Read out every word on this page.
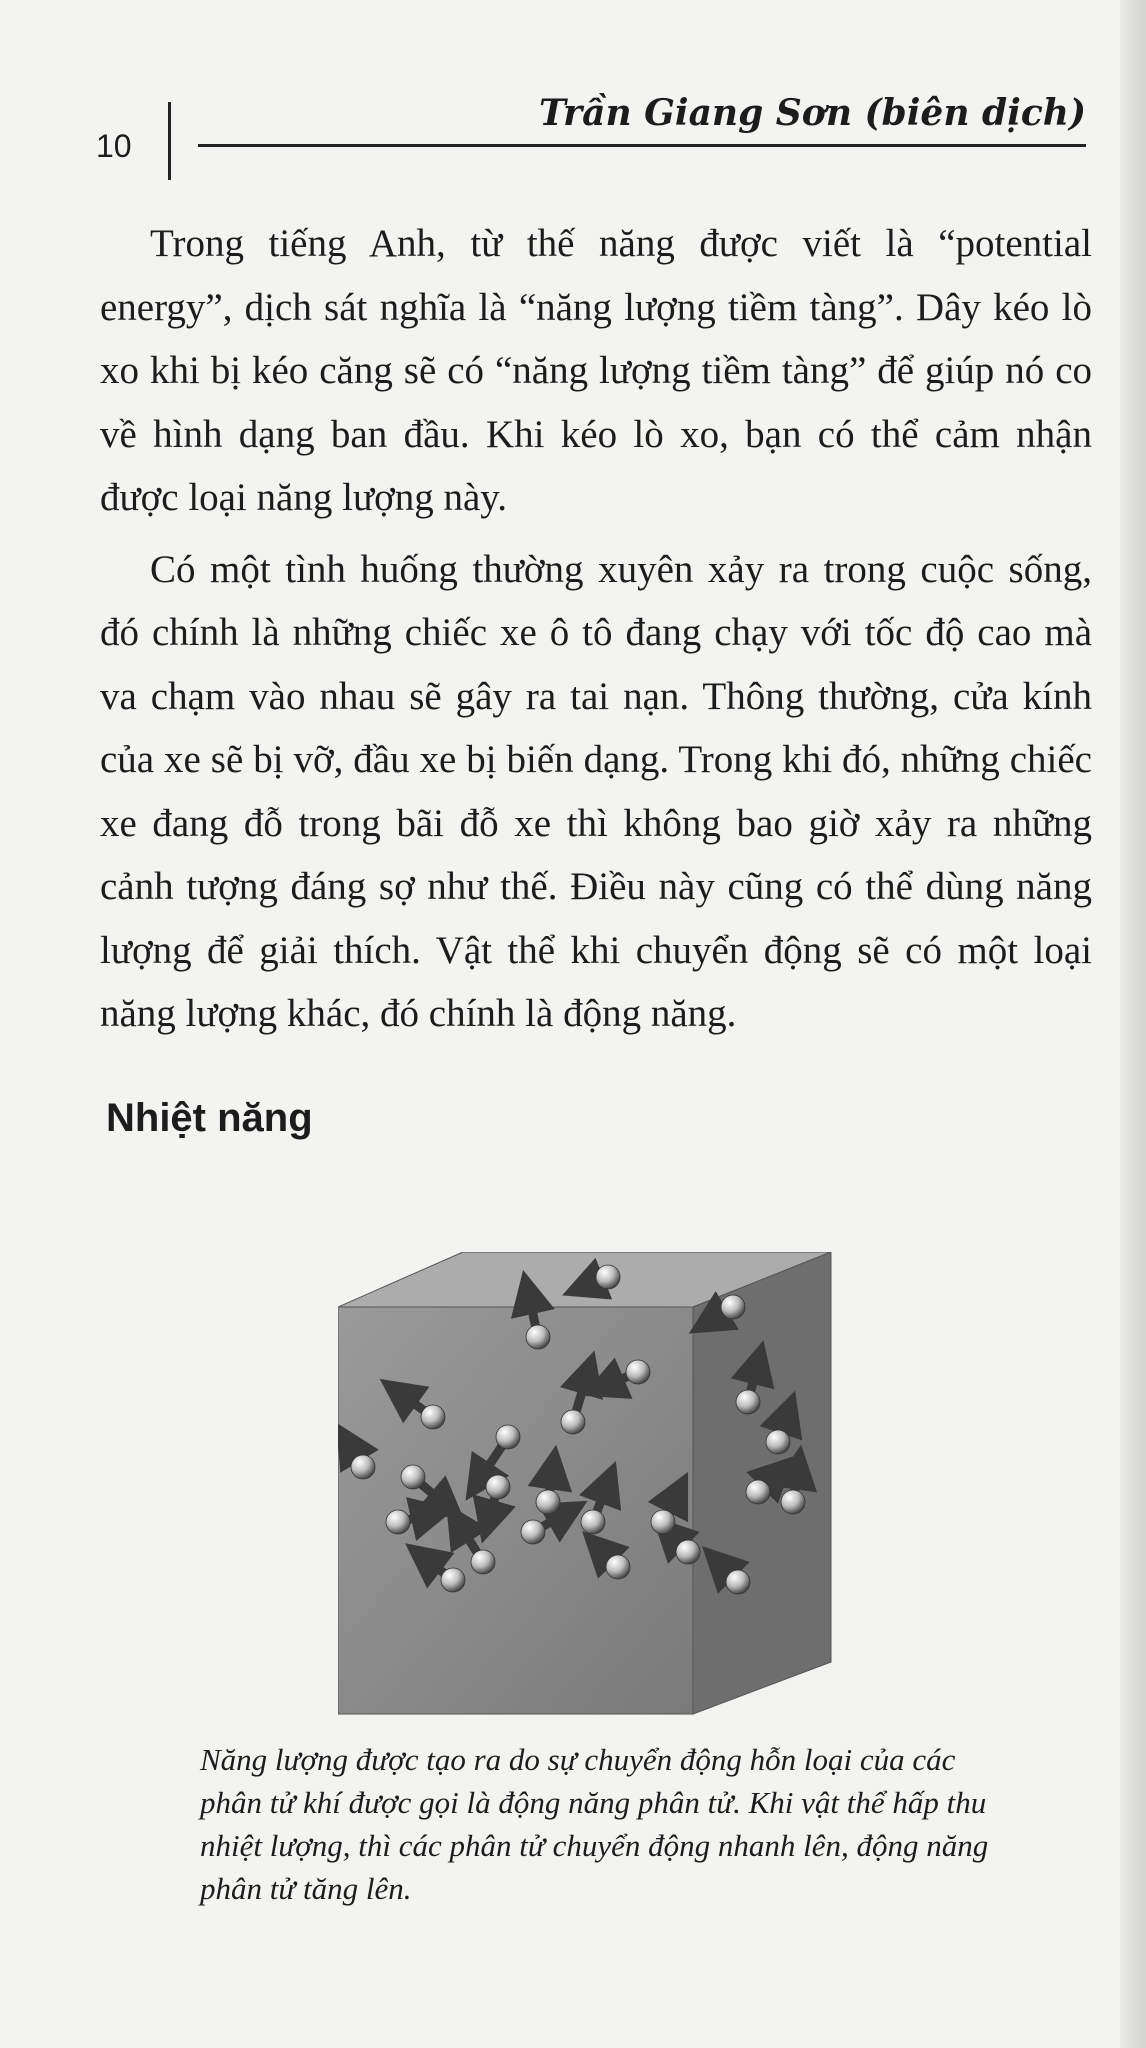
10
Trần Giang Sơn (biên dịch)

Trong tiếng Anh, từ thế năng được viết là “potential energy”, dịch sát nghĩa là “năng lượng tiềm tàng”. Dây kéo lò xo khi bị kéo căng sẽ có “năng lượng tiềm tàng” để giúp nó co về hình dạng ban đầu. Khi kéo lò xo, bạn có thể cảm nhận được loại năng lượng này.

Có một tình huống thường xuyên xảy ra trong cuộc sống, đó chính là những chiếc xe ô tô đang chạy với tốc độ cao mà va chạm vào nhau sẽ gây ra tai nạn. Thông thường, cửa kính của xe sẽ bị vỡ, đầu xe bị biến dạng. Trong khi đó, những chiếc xe đang đỗ trong bãi đỗ xe thì không bao giờ xảy ra những cảnh tượng đáng sợ như thế. Điều này cũng có thể dùng năng lượng để giải thích. Vật thể khi chuyển động sẽ có một loại năng lượng khác, đó chính là động năng.

Nhiệt năng

Năng lượng được tạo ra do sự chuyển động hỗn loại của các phân tử khí được gọi là động năng phân tử. Khi vật thể hấp thu nhiệt lượng, thì các phân tử chuyển động nhanh lên, động năng phân tử tăng lên.
